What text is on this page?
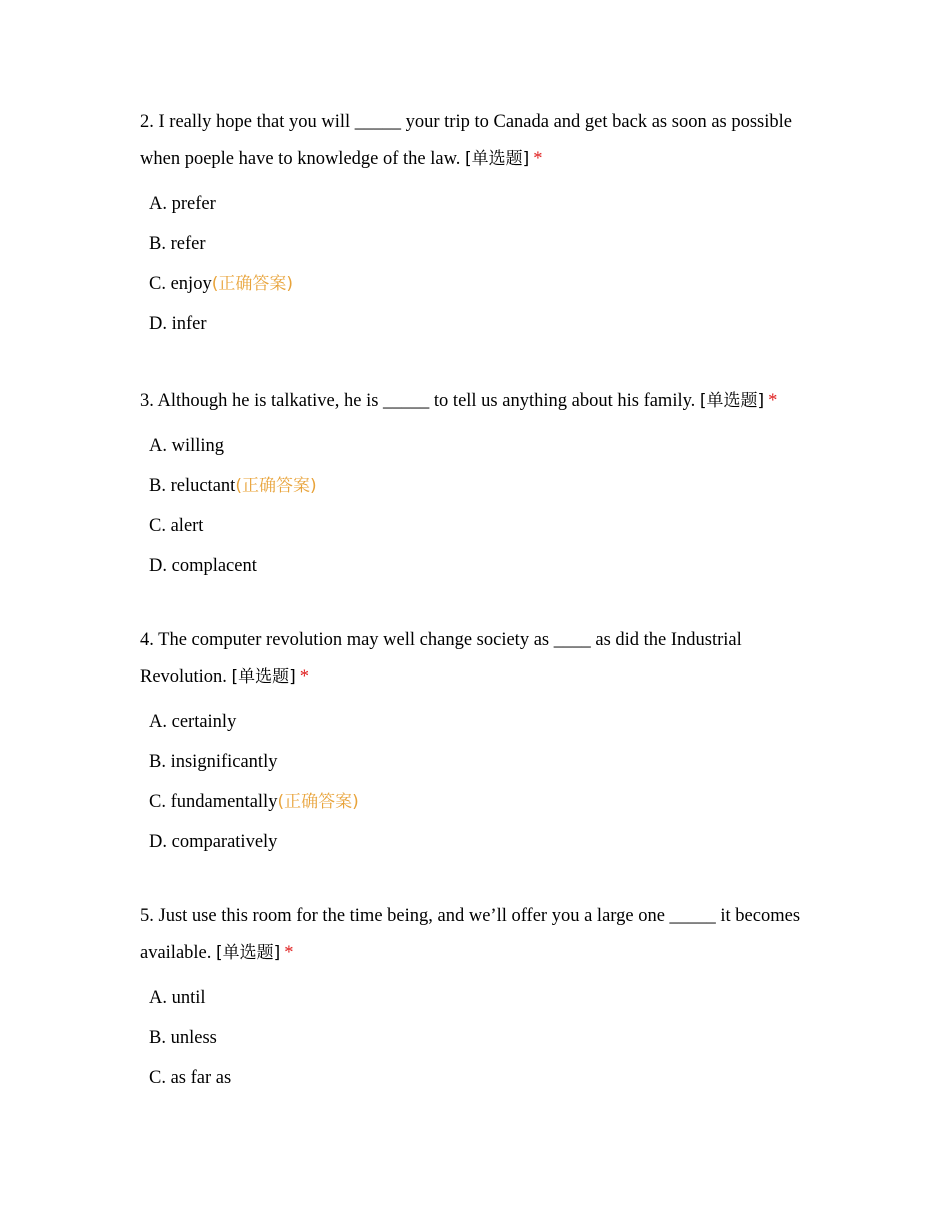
2. I really hope that you will _____ your trip to Canada and get back as soon as possible when poeple have to knowledge of the law. [单选题] *

A. prefer
B. refer
C. enjoy(正确答案)
D. infer

3. Although he is talkative, he is _____ to tell us anything about his family. [单选题] *

A. willing
B. reluctant(正确答案)
C. alert
D. complacent

4. The computer revolution may well change society as ____ as did the Industrial Revolution. [单选题] *

A. certainly
B. insignificantly
C. fundamentally(正确答案)
D. comparatively

5. Just use this room for the time being, and we’ll offer you a large one _____ it becomes available. [单选题] *

A. until
B. unless
C. as far as
